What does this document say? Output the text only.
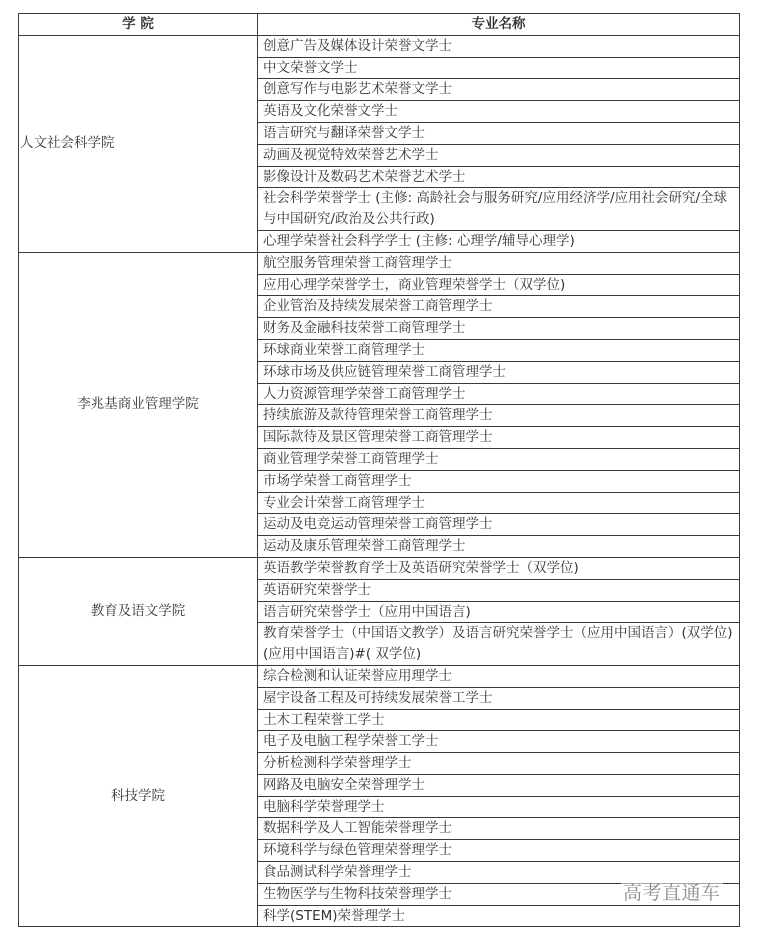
学 院	专业名称
人文社会科学院	创意广告及媒体设计荣誉文学士
	中文荣誉文学士
	创意写作与电影艺术荣誉文学士
	英语及文化荣誉文学士
	语言研究与翻译荣誉文学士
	动画及视觉特效荣誉艺术学士
	影像设计及数码艺术荣誉艺术学士
	社会科学荣誉学士 (主修: 高龄社会与服务研究/应用经济学/应用社会研究/全球与中国研究/政治及公共行政)
	心理学荣誉社会科学学士 (主修: 心理学/辅导心理学)
李兆基商业管理学院	航空服务管理荣誉工商管理学士
	应用心理学荣誉学士，商业管理荣誉学士（双学位)
	企业管治及持续发展荣誉工商管理学士
	财务及金融科技荣誉工商管理学士
	环球商业荣誉工商管理学士
	环球市场及供应链管理荣誉工商管理学士
	人力资源管理学荣誉工商管理学士
	持续旅游及款待管理荣誉工商管理学士
	国际款待及景区管理荣誉工商管理学士
	商业管理学荣誉工商管理学士
	市场学荣誉工商管理学士
	专业会计荣誉工商管理学士
	运动及电竞运动管理荣誉工商管理学士
	运动及康乐管理荣誉工商管理学士
教育及语文学院	英语教学荣誉教育学士及英语研究荣誉学士（双学位)
	英语研究荣誉学士
	语言研究荣誉学士（应用中国语言)
	教育荣誉学士（中国语文教学）及语言研究荣誉学士（应用中国语言）(双学位)　(应用中国语言)#( 双学位)
科技学院	综合检测和认证荣誉应用理学士
	屋宇设备工程及可持续发展荣誉工学士
	土木工程荣誉工学士
	电子及电脑工程学荣誉工学士
	分析检测科学荣誉理学士
	网路及电脑安全荣誉理学士
	电脑科学荣誉理学士
	数据科学及人工智能荣誉理学士
	环境科学与绿色管理荣誉理学士
	食品测试科学荣誉理学士
	生物医学与生物科技荣誉理学士
	科学(STEM)荣誉理学士
高考直通车
